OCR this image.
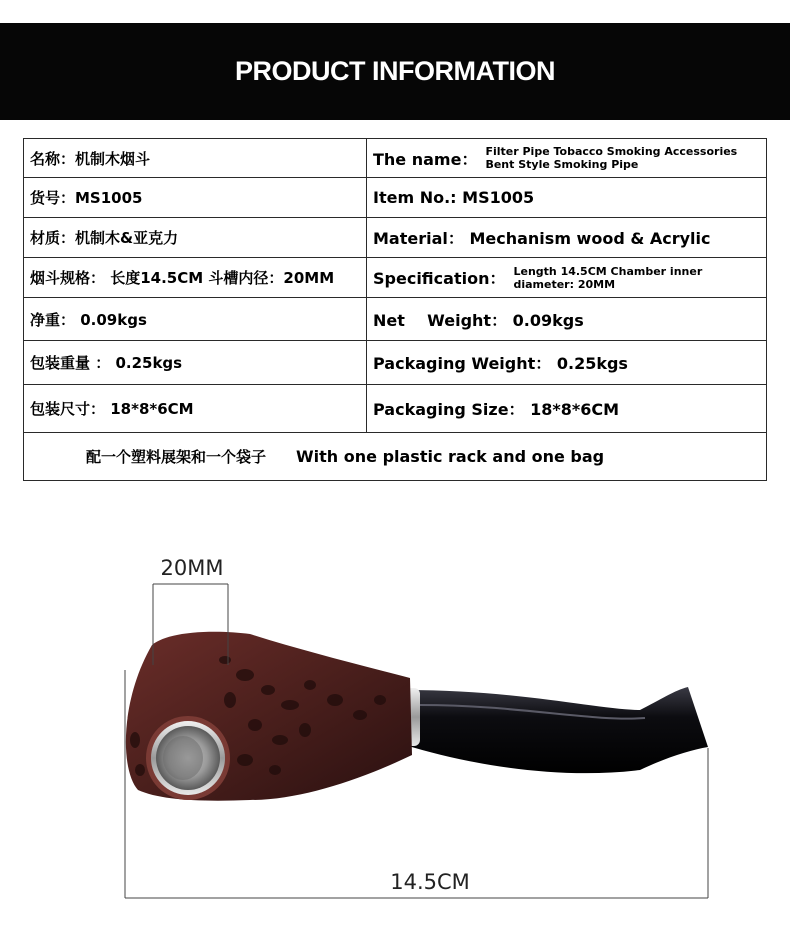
PRODUCT INFORMATION
名称：机制木烟斗	The name： Filter Pipe Tobacco Smoking Accessories
Bent Style Smoking Pipe
货号：MS1005	Item No.: MS1005
材质：机制木&亚克力	Material： Mechanism wood & Acrylic
烟斗规格： 长度14.5CM 斗槽内径：20MM	Specification： Length 14.5CM Chamber inner
diameter: 20MM
净重： 0.09kgs	Net    Weight： 0.09kgs
包装重量 ： 0.25kgs	Packaging Weight： 0.25kgs
包装尺寸： 18*8*6CM	Packaging Size： 18*8*6CM

配一个塑料展架和一个袋子 With one plastic rack and one bag	
20MM
14.5CM
